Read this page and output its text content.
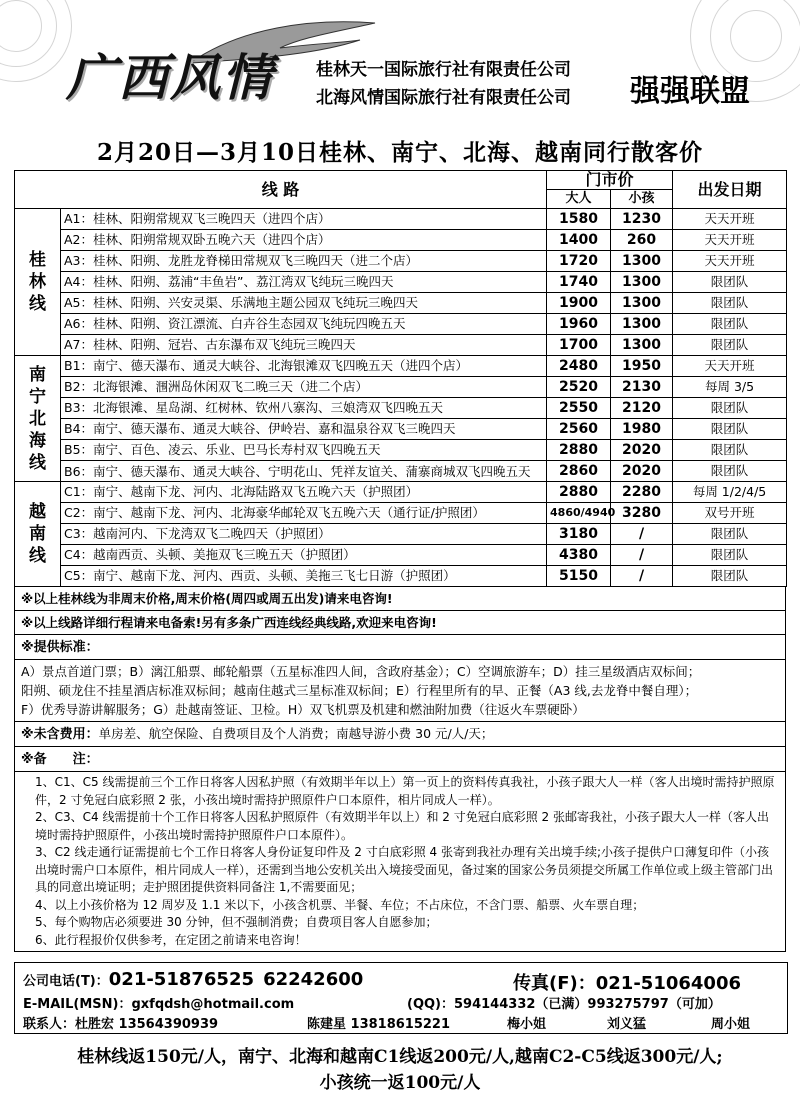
广西风情 桂林天一国际旅行社有限责任公司
北海风情国际旅行社有限责任公司 强强联盟
2月20日—3月10日桂林、南宁、北海、越南同行散客价
线 路		门市价		出发日期
		大人	小孩	
桂林线	A1：桂林、阳朔常规双飞三晚四天（进四个店）	1580	1230	天天开班
	A2：桂林、阳朔常规双卧五晚六天（进四个店）	1400	260	天天开班
	A3：桂林、阳朔、龙胜龙脊梯田常规双飞三晚四天（进二个店）	1720	1300	天天开班
	A4：桂林、阳朔、荔浦“丰鱼岩”、荔江湾双飞纯玩三晚四天	1740	1300	限团队
	A5：桂林、阳朔、兴安灵渠、乐满地主题公园双飞纯玩三晚四天	1900	1300	限团队
	A6：桂林、阳朔、资江漂流、白卉谷生态园双飞纯玩四晚五天	1960	1300	限团队
	A7：桂林、阳朔、冠岩、古东瀑布双飞纯玩三晚四天	1700	1300	限团队
南宁北海线	B1：南宁、德天瀑布、通灵大峡谷、北海银滩双飞四晚五天（进四个店）	2480	1950	天天开班
	B2：北海银滩、涠洲岛休闲双飞二晚三天（进二个店）	2520	2130	每周 3/5
	B3：北海银滩、星岛湖、红树林、钦州八寨沟、三娘湾双飞四晚五天	2550	2120	限团队
	B4：南宁、德天瀑布、通灵大峡谷、伊岭岩、嘉和温泉谷双飞三晚四天	2560	1980	限团队
	B5：南宁、百色、凌云、乐业、巴马长寿村双飞四晚五天	2880	2020	限团队
	B6：南宁、德天瀑布、通灵大峡谷、宁明花山、凭祥友谊关、蒲寨商城双飞四晚五天	2860	2020	限团队
越南线	C1：南宁、越南下龙、河内、北海陆路双飞五晚六天（护照团）	2880	2280	每周 1/2/4/5
	C2：南宁、越南下龙、河内、北海豪华邮轮双飞五晚六天（通行证/护照团）	4860/4940	3280	双号开班
	C3：越南河内、下龙湾双飞二晚四天（护照团）	3180	/	限团队
	C4：越南西贡、头顿、美拖双飞三晚五天（护照团）	4380	/	限团队
	C5：南宁、越南下龙、河内、西贡、头顿、美拖三飞七日游（护照团）	5150	/	限团队
※以上桂林线为非周末价格,周末价格(周四或周五出发)请来电咨询!
※以上线路详细行程请来电备索!另有多条广西连线经典线路,欢迎来电咨询!
※提供标准：
A）景点首道门票；B）漓江船票、邮轮船票（五星标准四人间，含政府基金）；C）空调旅游车；D）挂三星级酒店双标间；
阳朔、硕龙住不挂星酒店标准双标间；越南住越式三星标准双标间；E）行程里所有的早、正餐（A3 线,去龙脊中餐自理）；
F）优秀导游讲解服务；G）赴越南签证、卫检。H）双飞机票及机建和燃油附加费（往返火车票硬卧）
※未含费用：单房差、航空保险、自费项目及个人消费；南越导游小费 30 元/人/天；
※备　　注：
1、C1、C5 线需提前三个工作日将客人因私护照（有效期半年以上）第一页上的资料传真我社，小孩子跟大人一样（客人出境时需持护照原件，2 寸免冠白底彩照 2 张，小孩出境时需持护照原件户口本原件，相片同成人一样）。
2、C3、C4 线需提前十个工作日将客人因私护照原件（有效期半年以上）和 2 寸免冠白底彩照 2 张邮寄我社，小孩子跟大人一样（客人出境时需持护照原件，小孩出境时需持护照原件户口本原件）。
3、C2 线走通行证需提前七个工作日将客人身份证复印件及 2 寸白底彩照 4 张寄到我社办理有关出境手续;小孩子提供户口薄复印件（小孩出境时需户口本原件，相片同成人一样），还需到当地公安机关出入境接受面见，备过案的国家公务员须提交所属工作单位或上级主管部门出具的同意出境证明；走护照团提供资料同备注 1,不需要面见；
4、以上小孩价格为 12 周岁及 1.1 米以下，小孩含机票、半餐、车位；不占床位，不含门票、船票、火车票自理；
5、每个购物店必须要进 30 分钟，但不强制消费；自费项目客人自愿参加；
6、此行程报价仅供参考，在定团之前请来电咨询！
公司电话(T)：021-51876525 62242600	传真(F)：021-51064006
E-MAIL(MSN)：gxfqdsh@hotmail.com	(QQ)：594144332（已满）993275797（可加）
联系人：杜胜宏 13564390939	陈建星 13818615221	梅小姐	刘义猛	周小姐
桂林线返150元/人，南宁、北海和越南C1线返200元/人,越南C2-C5线返300元/人;
小孩统一返100元/人
